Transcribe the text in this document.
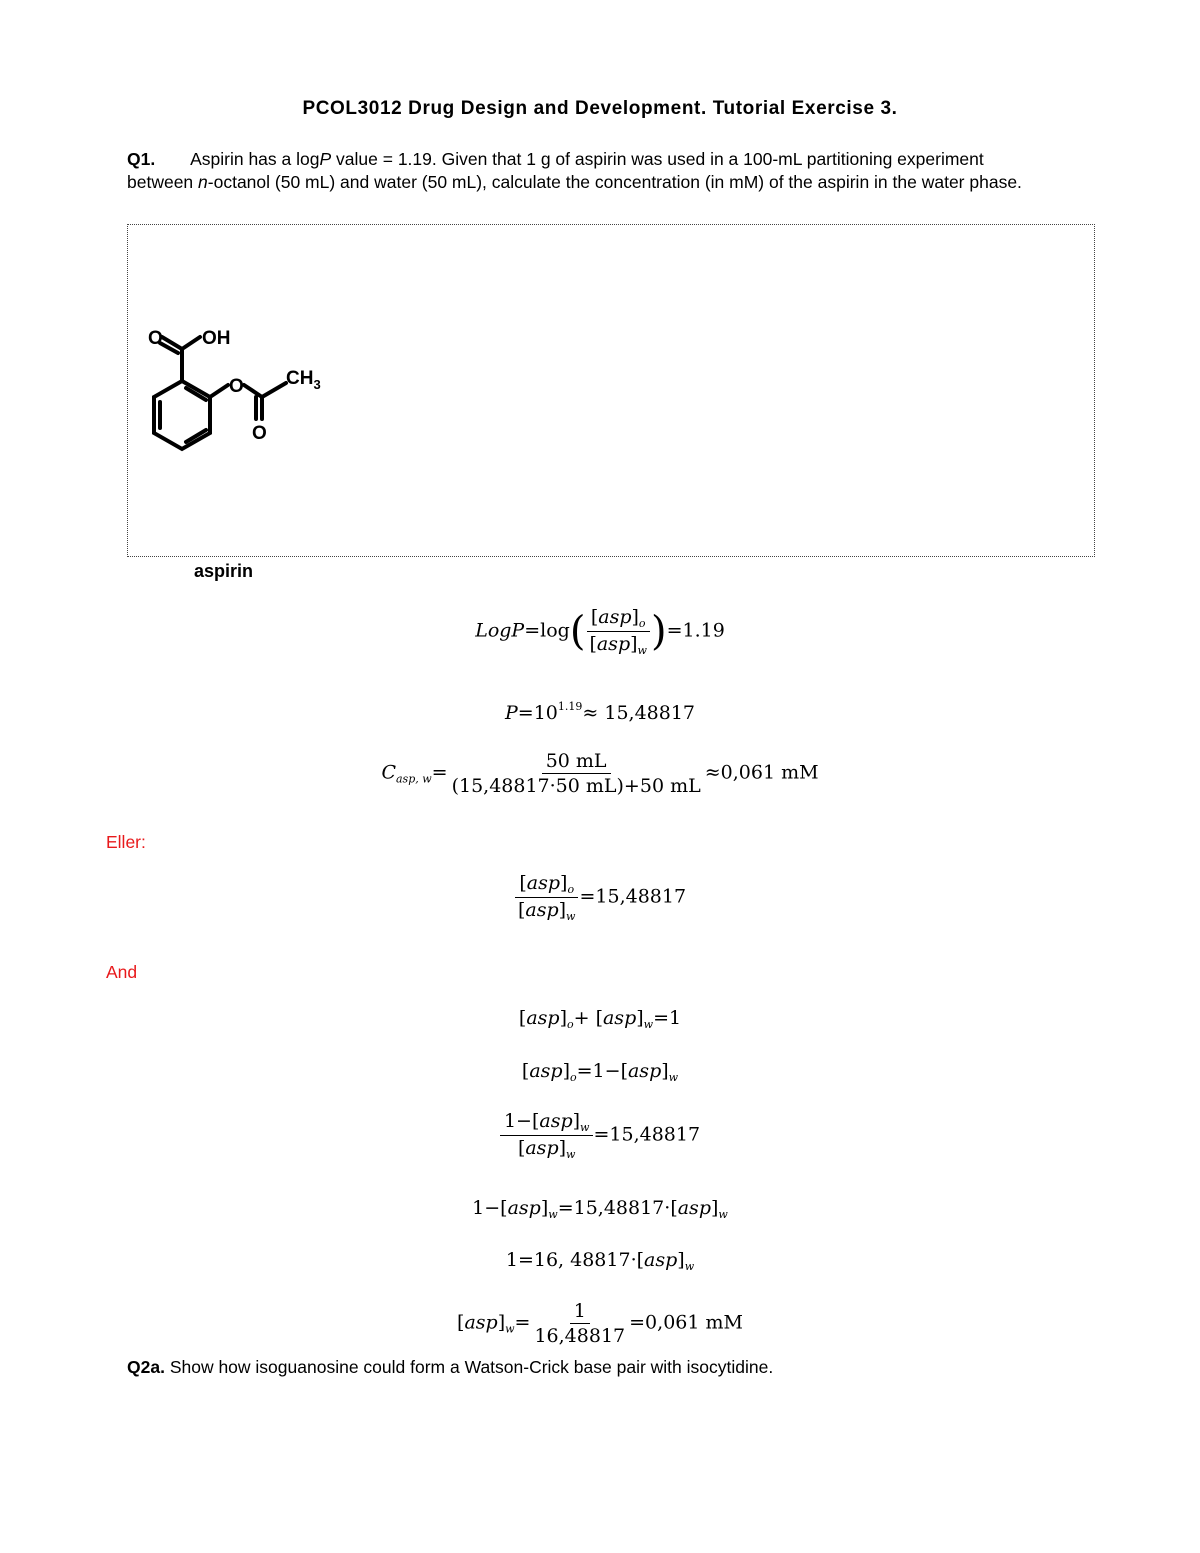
PCOL3012 Drug Design and Development. Tutorial Exercise 3.
Q1. Aspirin has a logP value = 1.19. Given that 1 g of aspirin was used in a 100-mL partitioning experiment between n-octanol (50 mL) and water (50 mL), calculate the concentration (in mM) of the aspirin in the water phase.
O OH
O
O
$CH_3$
aspirin
LogP=log( $\frac{[asp]_o}{[asp]_w} )=1.19$
$P=10^{1.19}\approx 15,48817$
$C_{asp, w}= \frac{50 mL}{(15,48817\cdot 50 mL)+50 mL} \approx 0,061$ mM
Eller:
$\frac{[asp]_o}{[asp]_w} =15,48817$
And
$[asp]_o+ [asp]_w=1$
$[asp]_o=1-[asp]_w$
$\frac{1-[asp]_w}{[asp]_w} =15,48817$
$1-[asp]_w=15,48817\cdot[asp]_w$
1=16, $48817\cdot[asp]_w$
$[asp]_w= \frac{1}{16,48817} =0,061$ mM
Q2a. Show how isoguanosine could form a Watson-Crick base pair with isocytidine.
